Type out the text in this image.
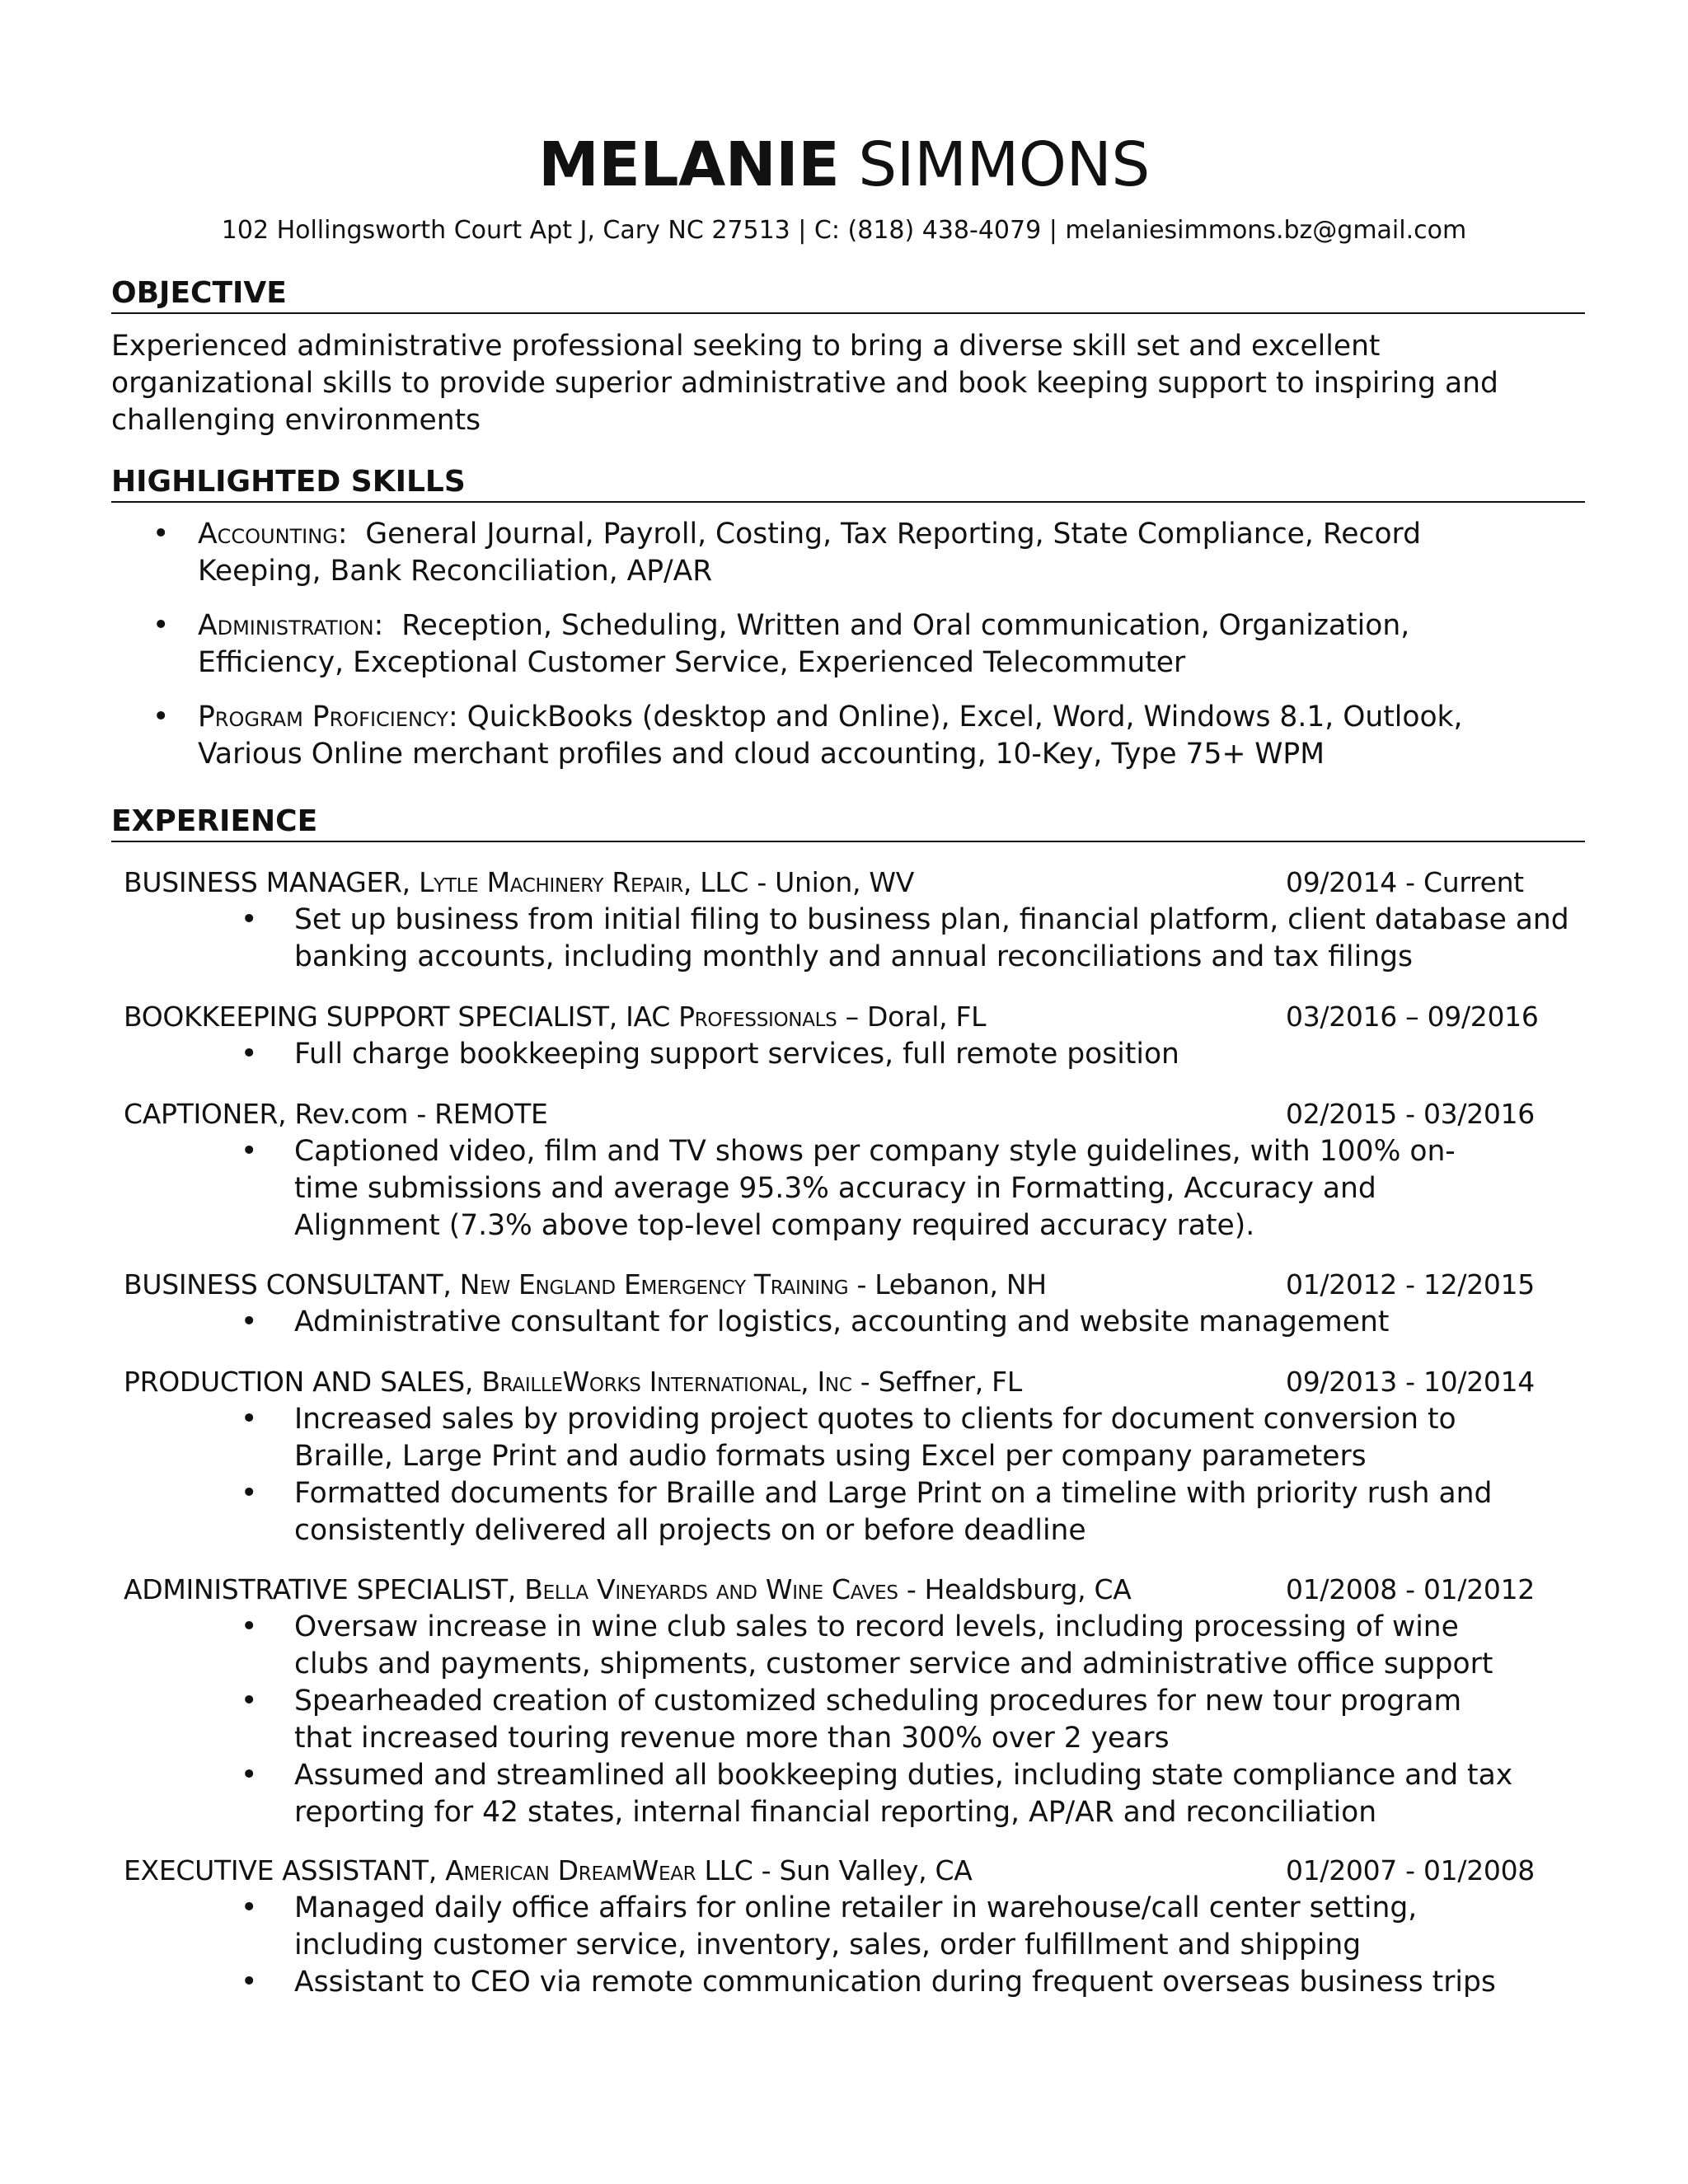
MELANIE SIMMONS
102 Hollingsworth Court Apt J, Cary NC 27513 | C: (818) 438-4079 | melaniesimmons.bz@gmail.com
OBJECTIVE
Experienced administrative professional seeking to bring a diverse skill set and excellent
organizational skills to provide superior administrative and book keeping support to inspiring and
challenging environments
HIGHLIGHTED SKILLS
• Accounting: General Journal, Payroll, Costing, Tax Reporting, State Compliance, Record
Keeping, Bank Reconciliation, AP/AR
• Administration: Reception, Scheduling, Written and Oral communication, Organization,
Efficiency, Exceptional Customer Service, Experienced Telecommuter
• Program Proficiency: QuickBooks (desktop and Online), Excel, Word, Windows 8.1, Outlook,
Various Online merchant profiles and cloud accounting, 10-Key, Type 75+ WPM
EXPERIENCE
BUSINESS MANAGER, Lytle Machinery Repair, LLC - Union, WV	09/2014 - Current
• Set up business from initial filing to business plan, financial platform, client database and
banking accounts, including monthly and annual reconciliations and tax filings
BOOKKEEPING SUPPORT SPECIALIST, IAC Professionals – Doral, FL	03/2016 – 09/2016
• Full charge bookkeeping support services, full remote position
CAPTIONER, Rev.com - REMOTE	02/2015 - 03/2016
• Captioned video, film and TV shows per company style guidelines, with 100% on-
time submissions and average 95.3% accuracy in Formatting, Accuracy and
Alignment (7.3% above top-level company required accuracy rate).
BUSINESS CONSULTANT, New England Emergency Training - Lebanon, NH	01/2012 - 12/2015
• Administrative consultant for logistics, accounting and website management
PRODUCTION AND SALES, BrailleWorks International, Inc - Seffner, FL	09/2013 - 10/2014
• Increased sales by providing project quotes to clients for document conversion to
Braille, Large Print and audio formats using Excel per company parameters
• Formatted documents for Braille and Large Print on a timeline with priority rush and
consistently delivered all projects on or before deadline
ADMINISTRATIVE SPECIALIST, Bella Vineyards and Wine Caves - Healdsburg, CA	01/2008 - 01/2012
• Oversaw increase in wine club sales to record levels, including processing of wine
clubs and payments, shipments, customer service and administrative office support
• Spearheaded creation of customized scheduling procedures for new tour program
that increased touring revenue more than 300% over 2 years
• Assumed and streamlined all bookkeeping duties, including state compliance and tax
reporting for 42 states, internal financial reporting, AP/AR and reconciliation
EXECUTIVE ASSISTANT, American DreamWear LLC - Sun Valley, CA	01/2007 - 01/2008
• Managed daily office affairs for online retailer in warehouse/call center setting,
including customer service, inventory, sales, order fulfillment and shipping
• Assistant to CEO via remote communication during frequent overseas business trips
